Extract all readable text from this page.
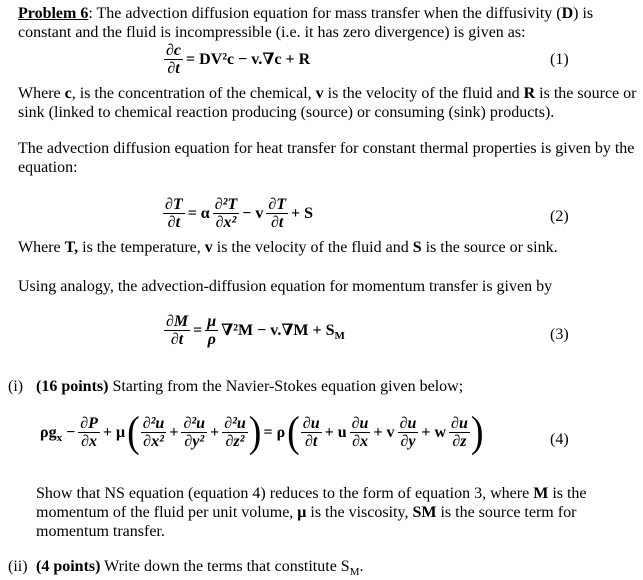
Problem 6: The advection diffusion equation for mass transfer when the diffusivity (D) is
constant and the fluid is incompressible (i.e. it has zero divergence) is given as:
$\frac{\partial c}{\partial t} = DV^2c - v.\nabla c + R$	(1)
Where c, is the concentration of the chemical, v is the velocity of the fluid and R is the source or
sink (linked to chemical reaction producing (source) or consuming (sink) products).
The advection diffusion equation for heat transfer for constant thermal properties is given by the
equation:
$\frac{\partial T}{\partial t} = \alpha \frac{\text{∂²T}}{\text{∂x²}} - v \frac{\partial T}{\partial t} + S$	(2)
Where T, is the temperature, v is the velocity of the fluid and S is the source or sink.
Using analogy, the advection-diffusion equation for momentum transfer is given by
$\frac{\partial M}{\partial t} = \frac{\mu}{\rho} \nabla^2M - v.\nabla M + S_M$	(3)
(i) (16 points) Starting from the Navier-Stokes equation given below;
$\rho g_x - \frac{\partial P}{\partial x} + \mu$ ( $\frac{\text{∂²u}}{\text{∂x²}} + \frac{\text{∂²u}}{\text{∂y²}} + \frac{\text{∂²u}}{\text{∂z²}}$ ) = ρ ( $\frac{\partial u}{\partial t} + u \frac{\partial u}{\partial x} + v \frac{\partial u}{\partial y} + w \frac{\partial u}{\partial z}$ )	(4)
Show that NS equation (equation 4) reduces to the form of equation 3, where M is the
momentum of the fluid per unit volume, μ is the viscosity, SM is the source term for
momentum transfer.
(ii) (4 points) Write down the terms that constitute $S_M$.
